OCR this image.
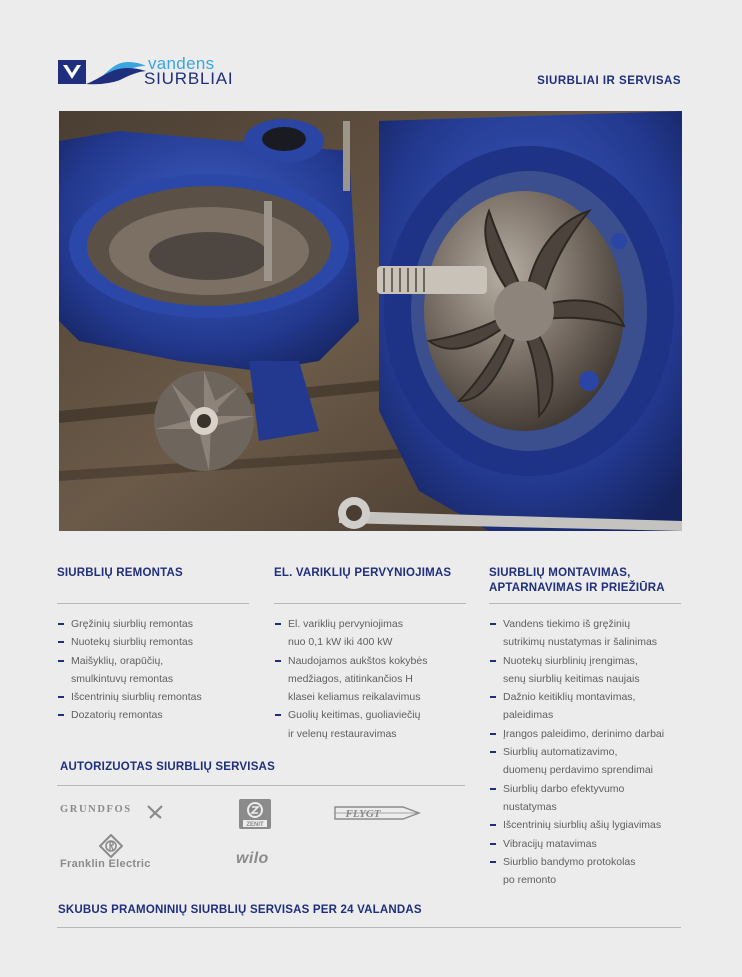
vandens
SIURBLIAI	SIURBLIAI IR SERVISAS
SIURBLIŲ REMONTAS
Gręžinių siurblių remontas
Nuotekų siurblių remontas
Maišyklių, orapūčių,
smulkintuvų remontas
Išcentrinių siurblių remontas
Dozatorių remontas
EL. VARIKLIŲ PERVYNIOJIMAS
El. variklių pervyniojimas
nuo 0,1 kW iki 400 kW
Naudojamos aukštos kokybės
medžiagos, atitinkančios H
klasei keliamus reikalavimus
Guolių keitimas, guoliaviečių
ir velenų restauravimas
SIURBLIŲ MONTAVIMAS,
APTARNAVIMAS IR PRIEŽIŪRA
Vandens tiekimo iš gręžinių
sutrikimų nustatymas ir šalinimas
Nuotekų siurblinių įrengimas,
senų siurblių keitimas naujais
Dažnio keitiklių montavimas,
paleidimas
Įrangos paleidimo, derinimo darbai
Siurblių automatizavimo,
duomenų perdavimo sprendimai
Siurblių darbo efektyvumo
nustatymas
Išcentrinių siurblių ašių lygiavimas
Vibracijų matavimas
Siurblio bandymo protokolas
po remonto
AUTORIZUOTAS SIURBLIŲ SERVISAS
GRUNDFOS
ZENIT
FLYGT
Franklin Electric	wilo
SKUBUS PRAMONINIŲ SIURBLIŲ SERVISAS PER 24 VALANDAS
